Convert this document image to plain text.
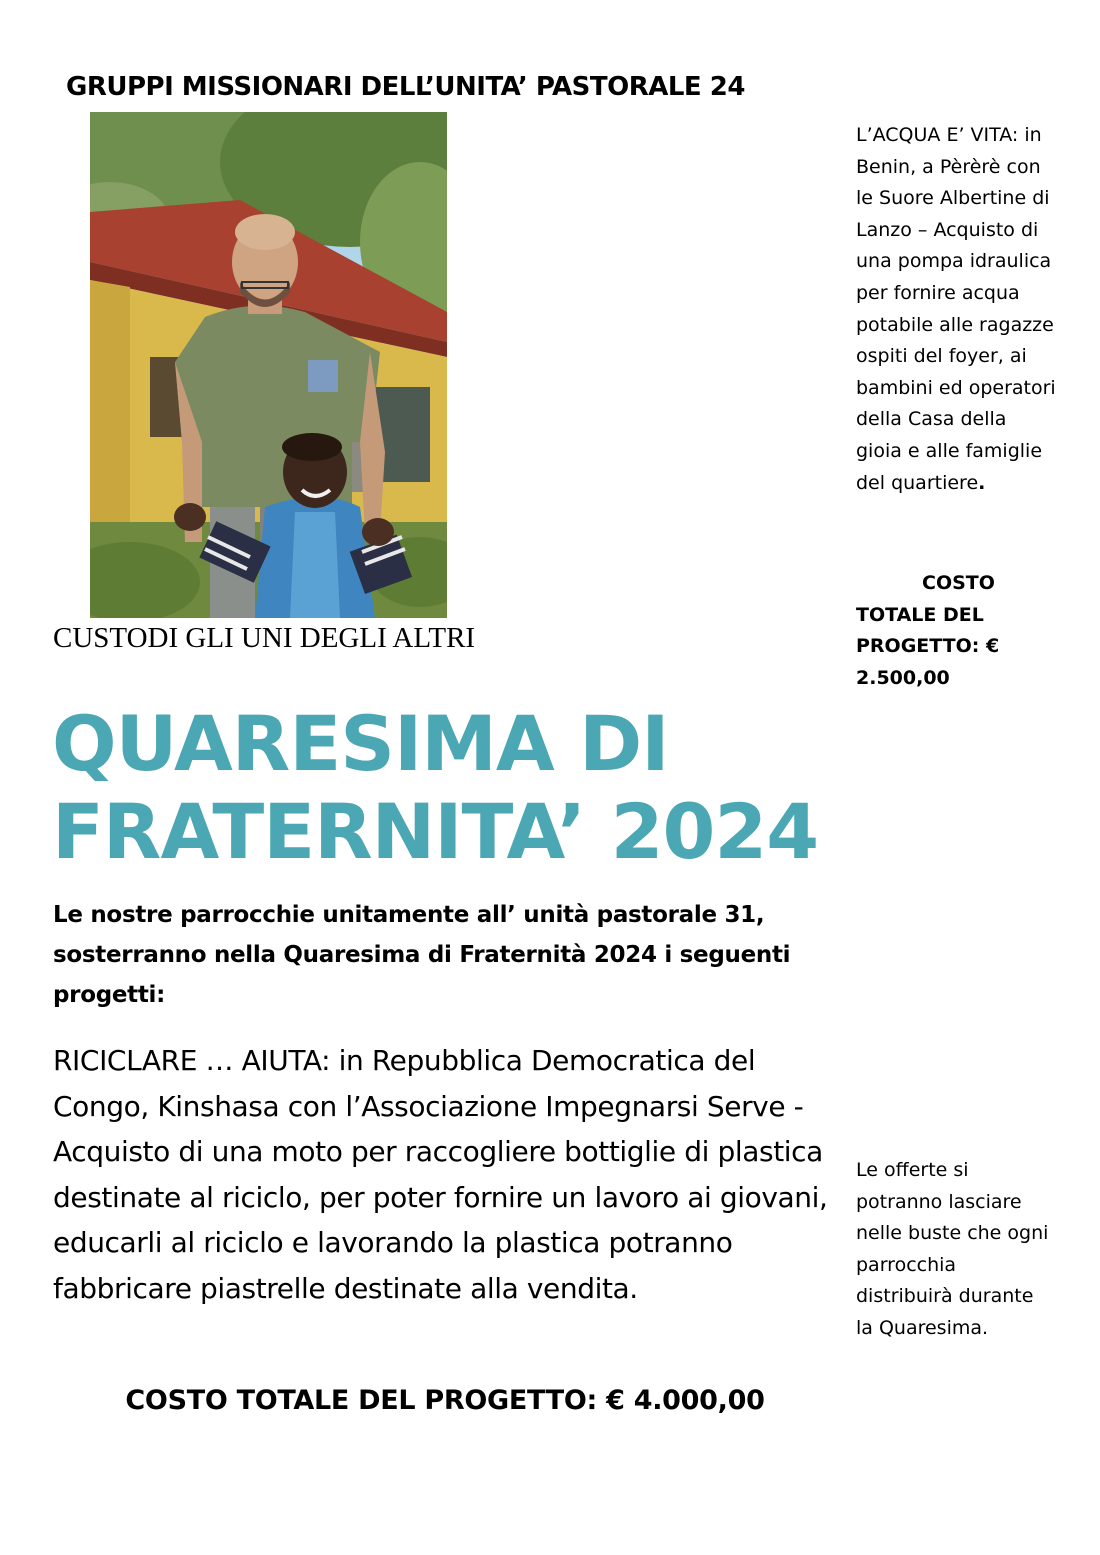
GRUPPI MISSIONARI DELL’UNITA’ PASTORALE 24
CUSTODI GLI UNI DEGLI ALTRI
QUARESIMA DI
FRATERNITA’ 2024
Le nostre parrocchie unitamente all’ unità pastorale 31, sosterranno nella Quaresima di Fraternità 2024 i seguenti progetti:
RICICLARE … AIUTA: in Repubblica Democratica del Congo, Kinshasa con l’Associazione Impegnarsi Serve - Acquisto di una moto per raccogliere bottiglie di plastica destinate al riciclo, per poter fornire un lavoro ai giovani, educarli al riciclo e lavorando la plastica potranno fabbricare piastrelle destinate alla vendita.
COSTO TOTALE DEL PROGETTO: € 4.000,00
L’ACQUA E’ VITA: in Benin, a Pèrèrè con le Suore Albertine di Lanzo – Acquisto di una pompa idraulica per fornire acqua potabile alle ragazze ospiti del foyer, ai bambini ed operatori della Casa della gioia e alle famiglie del quartiere.
COSTO TOTALE DEL PROGETTO: € 2.500,00
Le offerte si potranno lasciare nelle buste che ogni parrocchia distribuirà durante la Quaresima.
